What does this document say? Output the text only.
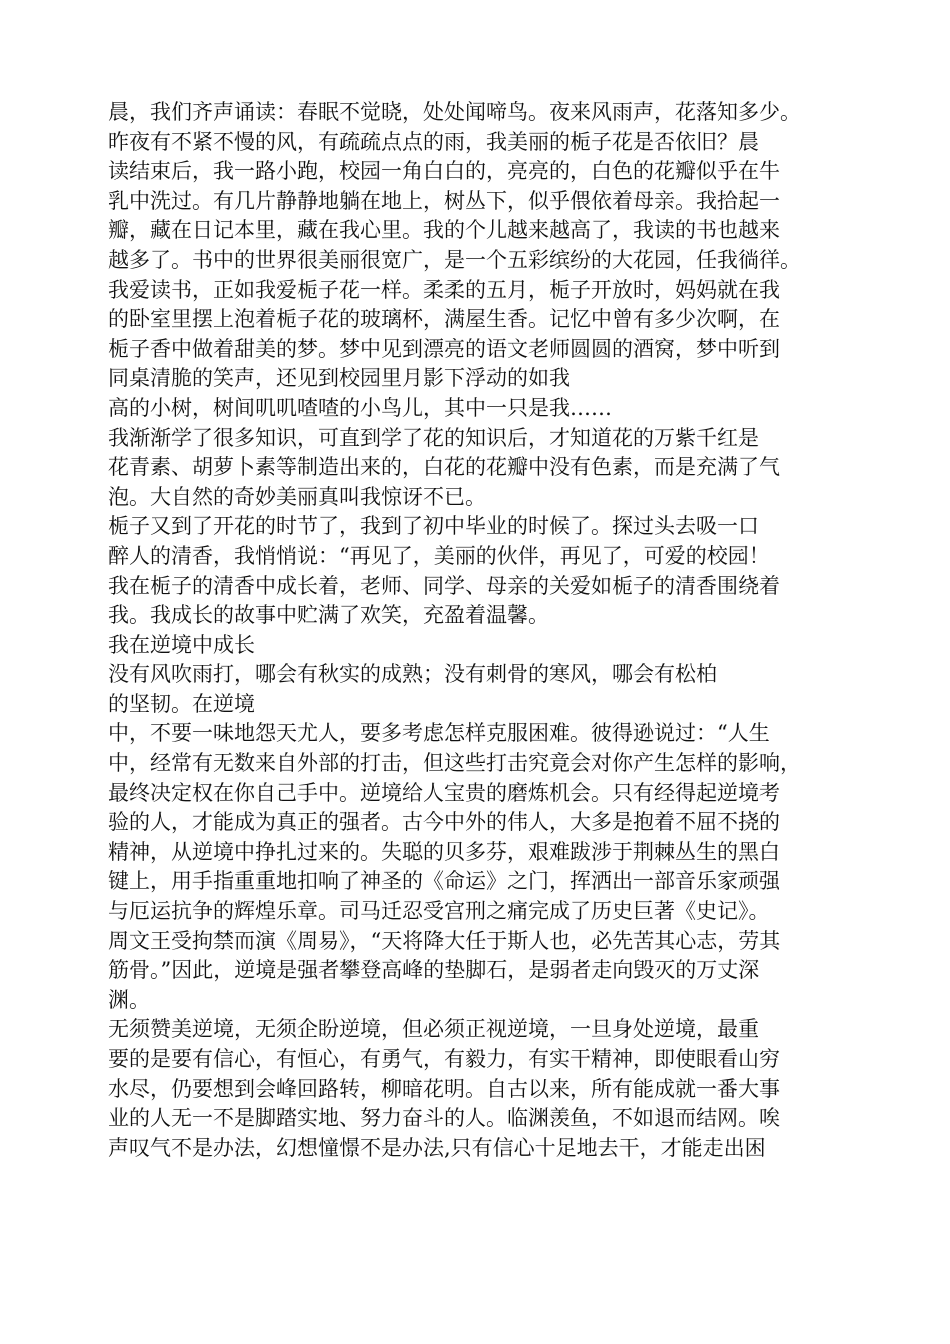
晨，我们齐声诵读：春眠不觉晓，处处闻啼鸟。夜来风雨声，花落知多少。
昨夜有不紧不慢的风，有疏疏点点的雨，我美丽的栀子花是否依旧？晨
读结束后，我一路小跑，校园一角白白的，亮亮的，白色的花瓣似乎在牛
乳中洗过。有几片静静地躺在地上，树丛下，似乎偎依着母亲。我拾起一
瓣，藏在日记本里，藏在我心里。我的个儿越来越高了，我读的书也越来
越多了。书中的世界很美丽很宽广，是一个五彩缤纷的大花园，任我徜徉。
我爱读书，正如我爱栀子花一样。柔柔的五月，栀子开放时，妈妈就在我
的卧室里摆上泡着栀子花的玻璃杯，满屋生香。记忆中曾有多少次啊，在
栀子香中做着甜美的梦。梦中见到漂亮的语文老师圆圆的酒窝，梦中听到
同桌清脆的笑声，还见到校园里月影下浮动的如我
高的小树，树间叽叽喳喳的小鸟儿，其中一只是我……
我渐渐学了很多知识，可直到学了花的知识后，才知道花的万紫千红是
花青素、胡萝卜素等制造出来的，白花的花瓣中没有色素，而是充满了气
泡。大自然的奇妙美丽真叫我惊讶不已。
栀子又到了开花的时节了，我到了初中毕业的时候了。探过头去吸一口
醉人的清香，我悄悄说：“再见了，美丽的伙伴，再见了，可爱的校园！
我在栀子的清香中成长着，老师、同学、母亲的关爱如栀子的清香围绕着
我。我成长的故事中贮满了欢笑，充盈着温馨。
我在逆境中成长
没有风吹雨打，哪会有秋实的成熟；没有刺骨的寒风，哪会有松柏
的坚韧。在逆境
中，不要一味地怨天尤人，要多考虑怎样克服困难。彼得逊说过：“人生
中，经常有无数来自外部的打击，但这些打击究竟会对你产生怎样的影响，
最终决定权在你自己手中。逆境给人宝贵的磨炼机会。只有经得起逆境考
验的人，才能成为真正的强者。古今中外的伟人，大多是抱着不屈不挠的
精神，从逆境中挣扎过来的。失聪的贝多芬，艰难跋涉于荆棘丛生的黑白
键上，用手指重重地扣响了神圣的《命运》之门，挥洒出一部音乐家顽强
与厄运抗争的辉煌乐章。司马迁忍受宫刑之痛完成了历史巨著《史记》。
周文王受拘禁而演《周易》，“天将降大任于斯人也，必先苦其心志，劳其
筋骨。”因此，逆境是强者攀登高峰的垫脚石，是弱者走向毁灭的万丈深
渊。
无须赞美逆境，无须企盼逆境，但必须正视逆境，一旦身处逆境，最重
要的是要有信心，有恒心，有勇气，有毅力，有实干精神，即使眼看山穷
水尽，仍要想到会峰回路转，柳暗花明。自古以来，所有能成就一番大事
业的人无一不是脚踏实地、努力奋斗的人。临渊羡鱼，不如退而结网。唉
声叹气不是办法，幻想憧憬不是办法,只有信心十足地去干，才能走出困
